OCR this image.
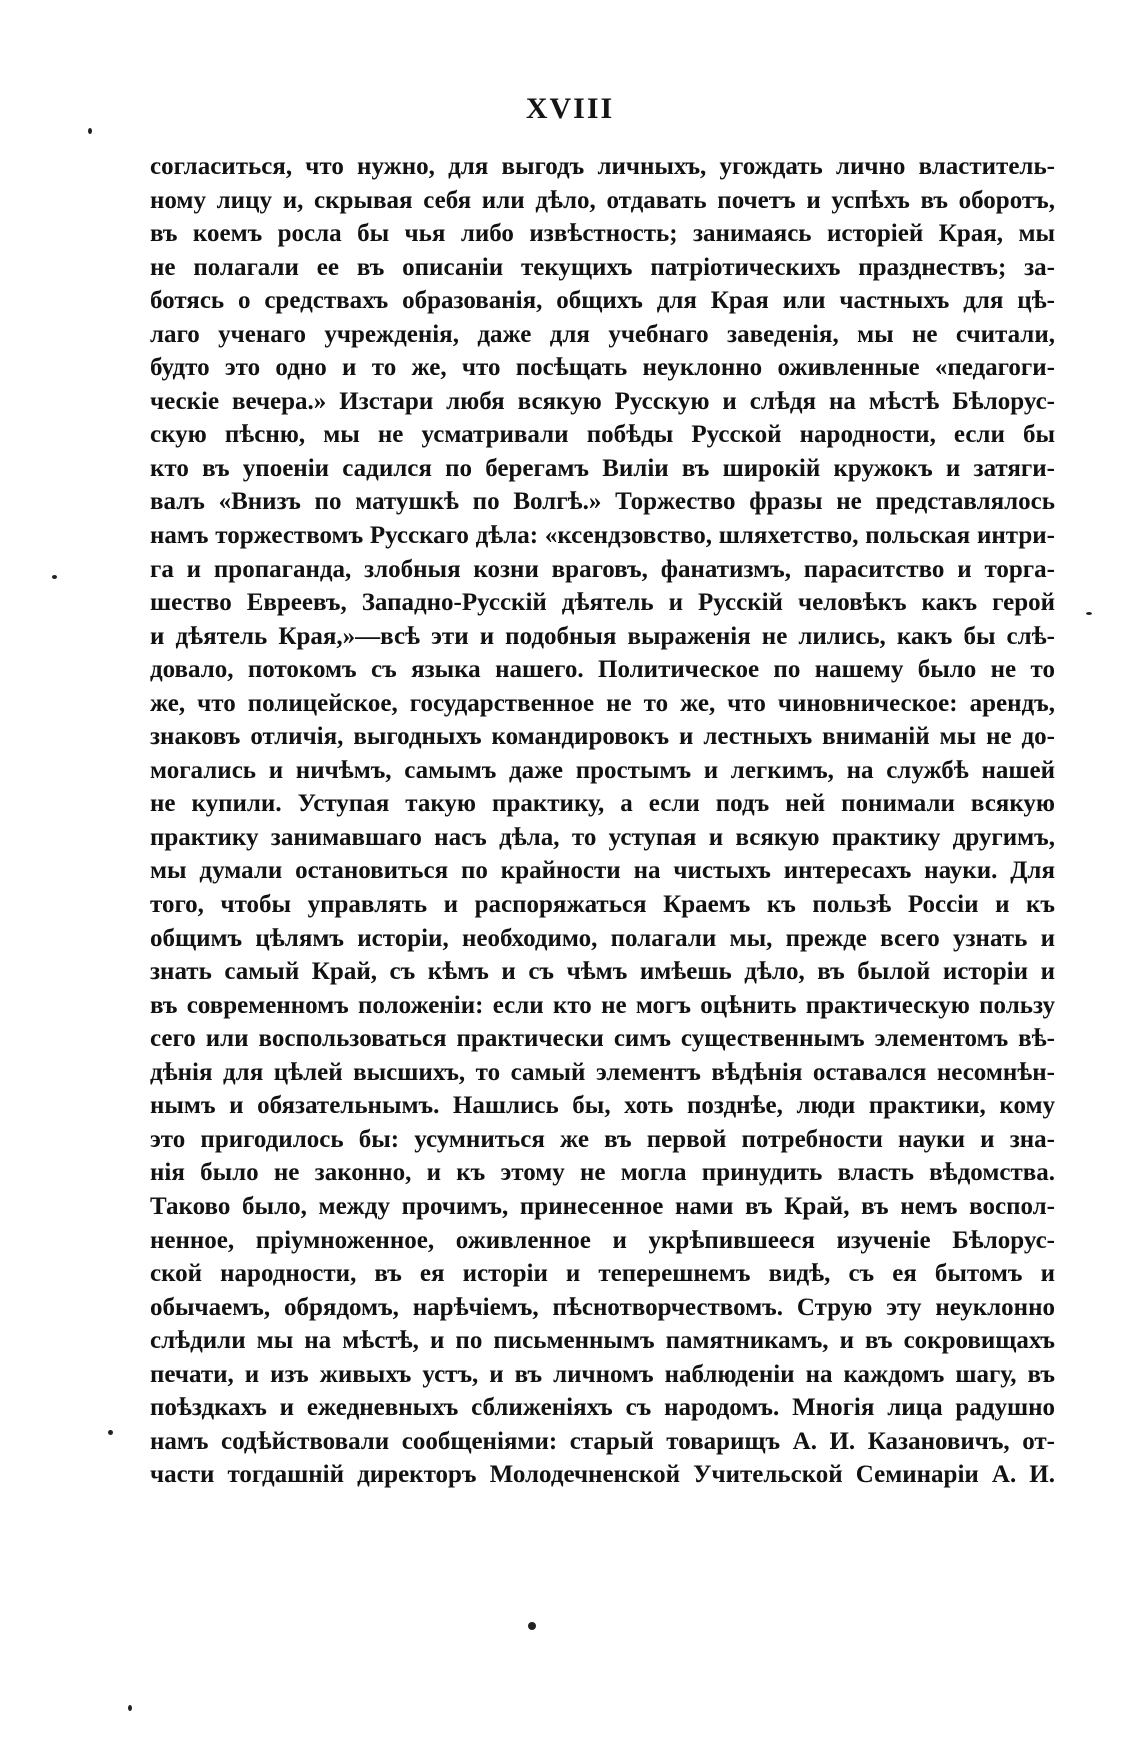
XVIII
согласиться, что нужно, для выгодъ личныхъ, угождать лично властитель-
ному лицу и, скрывая себя или дѣло, отдавать почетъ и успѣхъ въ оборотъ,
въ коемъ росла бы чья либо извѣстность; занимаясь исторiей Края, мы
не полагали ее въ описанiи текущихъ патрiотическихъ празднествъ; за-
ботясь о средствахъ образованiя, общихъ для Края или частныхъ для цѣ-
лаго ученаго учрежденiя, даже для учебнаго заведенiя, мы не считали,
будто это одно и то же, что посѣщать неуклонно оживленные «педагоги-
ческiе вечера.» Изстари любя всякую Русскую и слѣдя на мѣстѣ Бѣлорус-
скую пѣсню, мы не усматривали побѣды Русской народности, если бы
кто въ упоенiи садился по берегамъ Вилiи въ широкiй кружокъ и затяги-
валъ «Внизъ по матушкѣ по Волгѣ.» Торжество фразы не представлялось
намъ торжествомъ Русскаго дѣла: «ксендзовство, шляхетство, польская интри-
га и пропаганда, злобныя козни враговъ, фанатизмъ, параситство и торга-
шество Евреевъ, Западно-Русскiй дѣятель и Русскiй человѣкъ какъ герой
и дѣятель Края,»—всѣ эти и подобныя выраженiя не лились, какъ бы слѣ-
довало, потокомъ съ языка нашего. Политическое по нашему было не то
же, что полицейское, государственное не то же, что чиновническое: арендъ,
знаковъ отличiя, выгодныхъ командировокъ и лестныхъ вниманiй мы не до-
могались и ничѣмъ, самымъ даже простымъ и легкимъ, на службѣ нашей
не купили. Уступая такую практику, а если подъ ней понимали всякую
практику занимавшаго насъ дѣла, то уступая и всякую практику другимъ,
мы думали остановиться по крайности на чистыхъ интересахъ науки. Для
того, чтобы управлять и распоряжаться Краемъ къ пользѣ Россiи и къ
общимъ цѣлямъ исторiи, необходимо, полагали мы, прежде всего узнать и
знать самый Край, съ кѣмъ и съ чѣмъ имѣешь дѣло, въ былой исторiи и
въ современномъ положенiи: если кто не могъ оцѣнить практическую пользу
сего или воспользоваться практически симъ существеннымъ элементомъ вѣ-
дѣнiя для цѣлей высшихъ, то самый элементъ вѣдѣнiя оставался несомнѣн-
нымъ и обязательнымъ. Нашлись бы, хоть позднѣе, люди практики, кому
это пригодилось бы: усумниться же въ первой потребности науки и зна-
нiя было не законно, и къ этому не могла принудить власть вѣдомства.
Таково было, между прочимъ, принесенное нами въ Край, въ немъ воспол-
ненное, прiумноженное, оживленное и укрѣпившееся изученiе Бѣлорус-
ской народности, въ ея исторiи и теперешнемъ видѣ, съ ея бытомъ и
обычаемъ, обрядомъ, нарѣчiемъ, пѣснотворчествомъ. Струю эту неуклонно
слѣдили мы на мѣстѣ, и по письменнымъ памятникамъ, и въ сокровищахъ
печати, и изъ живыхъ устъ, и въ личномъ наблюденiи на каждомъ шагу, въ
поѣздкахъ и ежедневныхъ сближенiяхъ съ народомъ. Многiя лица радушно
намъ содѣйствовали сообщенiями: старый товарищъ А. И. Казановичъ, от-
части тогдашнiй директоръ Молодечненской Учительской Семинарiи А. И.
